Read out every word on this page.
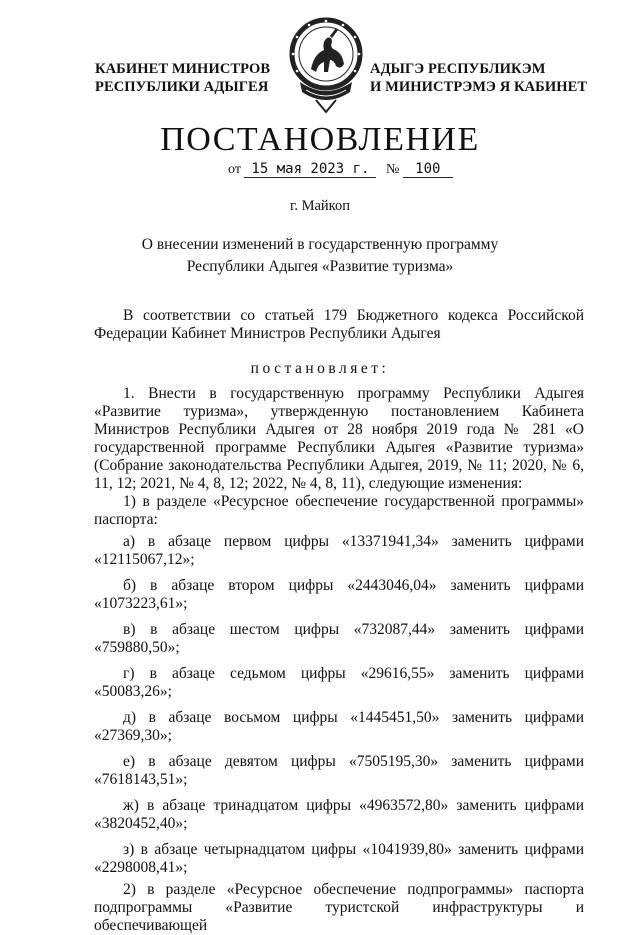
КАБИНЕТ МИНИСТРОВ
РЕСПУБЛИКИ АДЫГЕЯ
АДЫГЭ РЕСПУБЛИКЭМ
И МИНИСТРЭМЭ Я КАБИНЕТ
ПОСТАНОВЛЕНИЕ
от 15 мая 2023 г. № 100
г. Майкоп
О внесении изменений в государственную программу
Республики Адыгея «Развитие туризма»

В соответствии со статьей 179 Бюджетного кодекса Российской Федерации Кабинет Министров Республики Адыгея

постановляет:

1. Внести в государственную программу Республики Адыгея «Развитие туризма», утвержденную постановлением Кабинета Министров Республики Адыгея от 28 ноября 2019 года № 281 «О государственной программе Республики Адыгея «Развитие туризма» (Собрание законодательства Республики Адыгея, 2019, № 11; 2020, № 6, 11, 12; 2021, № 4, 8, 12; 2022, № 4, 8, 11), следующие изменения:

1) в разделе «Ресурсное обеспечение государственной программы» паспорта:

а) в абзаце первом цифры «13371941,34» заменить цифрами «12115067,12»;

б) в абзаце втором цифры «2443046,04» заменить цифрами «1073223,61»;

в) в абзаце шестом цифры «732087,44» заменить цифрами «759880,50»;

г) в абзаце седьмом цифры «29616,55» заменить цифрами «50083,26»;

д) в абзаце восьмом цифры «1445451,50» заменить цифрами «27369,30»;

е) в абзаце девятом цифры «7505195,30» заменить цифрами «7618143,51»;

ж) в абзаце тринадцатом цифры «4963572,80» заменить цифрами «3820452,40»;

з) в абзаце четырнадцатом цифры «1041939,80» заменить цифрами «2298008,41»;

2) в разделе «Ресурсное обеспечение подпрограммы» паспорта подпрограммы «Развитие туристской инфраструктуры и обеспечивающей
